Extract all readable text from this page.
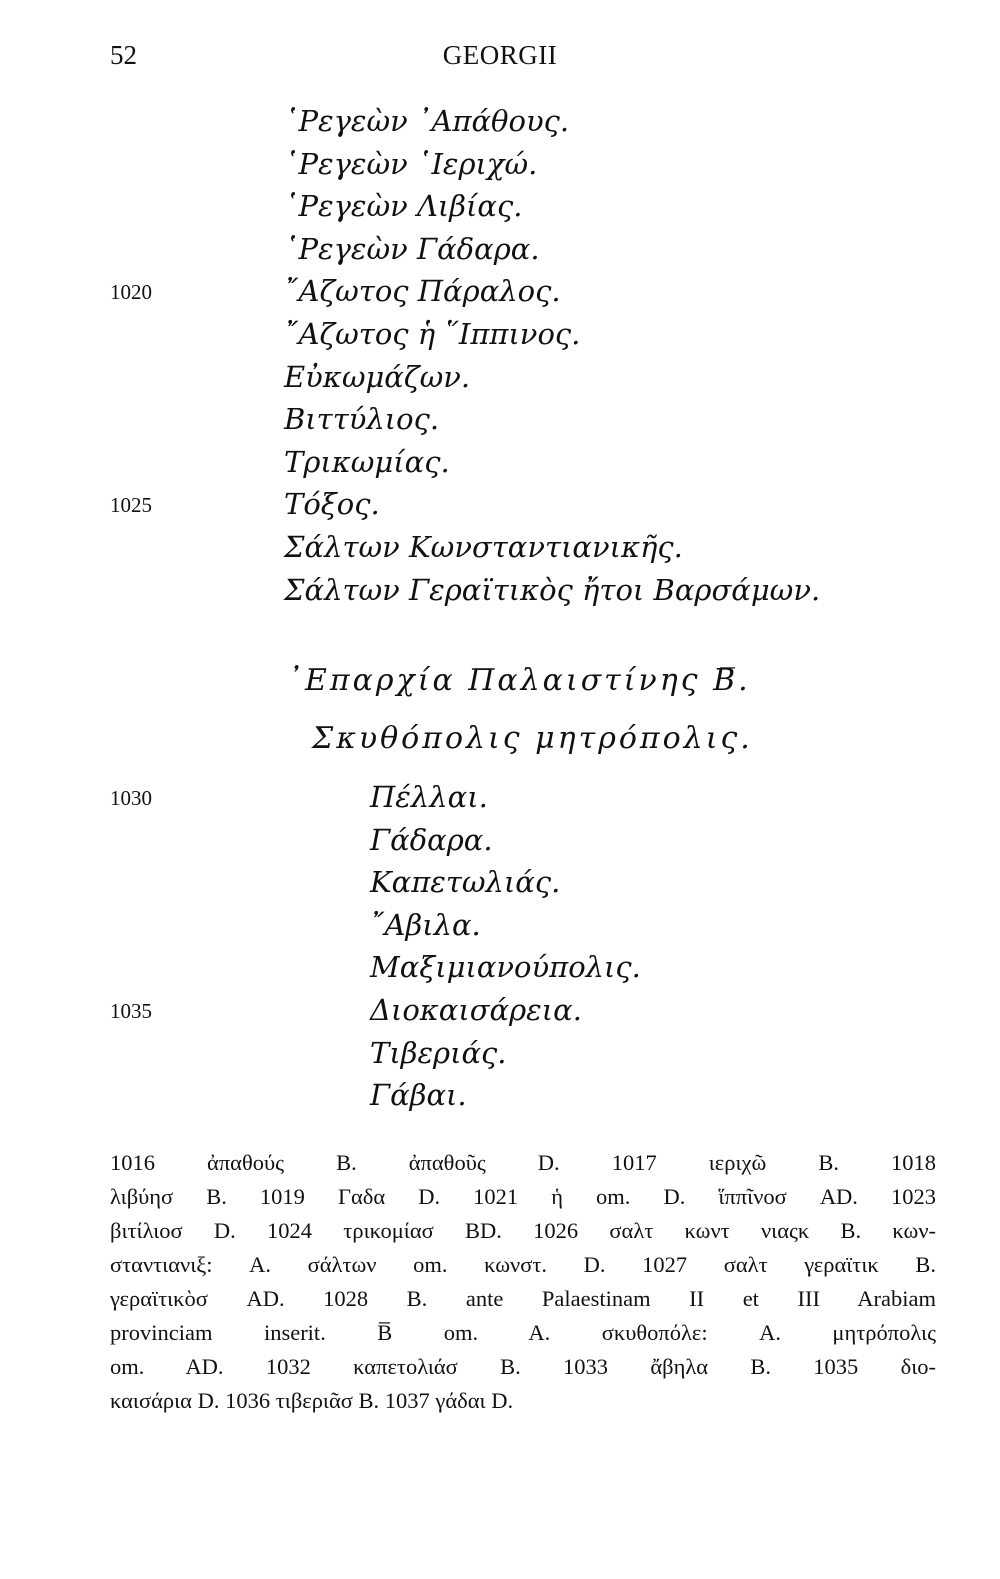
GEORGII
52
῾Ρεγεὼν ᾽Απάθους.
῾Ρεγεὼν ῾Ιεριχώ.
῾Ρεγεὼν Λιβίας.
῾Ρεγεὼν Γάδαρα.
1020	῎Αζωτος Πάραλος.
῎Αζωτος ἡ ῞Ιππινος.
Εὐκωμάζων.
Βιττύλιος.
Τρικωμίας.
1025	Τόξος.
Σάλτων Κωνσταντιανικῆς.
Σάλτων Γεραϊτικὸς ἤτοι Βαρσάμων.
᾽Επαρχία Παλαιστίνης Β̅.
Σκυθόπολις μητρόπολις.
1030	Πέλλαι.
Γάδαρα.
Καπετωλιάς.
῎Αβιλα.
Μαξιμιανούπολις.
1035	Διοκαισάρεια.
Τιβεριάς.
Γάβαι.
1016 ἀπαθούς B. ἀπαθοῦς D. 1017 ιεριχῶ B. 1018
λιβύησ B. 1019 Γαδα D. 1021 ἡ om. D. ἵππῖνοσ AD. 1023
βιτίλιοσ D. 1024 τρικομίασ BD. 1026 σαλτ κωντ νιαςκ B. κων-
σταντιανιξ: A. σάλτων om. κωνστ. D. 1027 σαλτ γεραϊτικ B.
γεραϊτικὸσ AD. 1028 B. ante Palaestinam II et III Arabiam
provinciam inserit. B̅ om. A. σκυθοπόλε: A. μητρόπολις
om. AD. 1032 καπετολιάσ B. 1033 ἄβηλα B. 1035 διο-
καισάρια D. 1036 τιβεριᾶσ B. 1037 γάδαι D.
